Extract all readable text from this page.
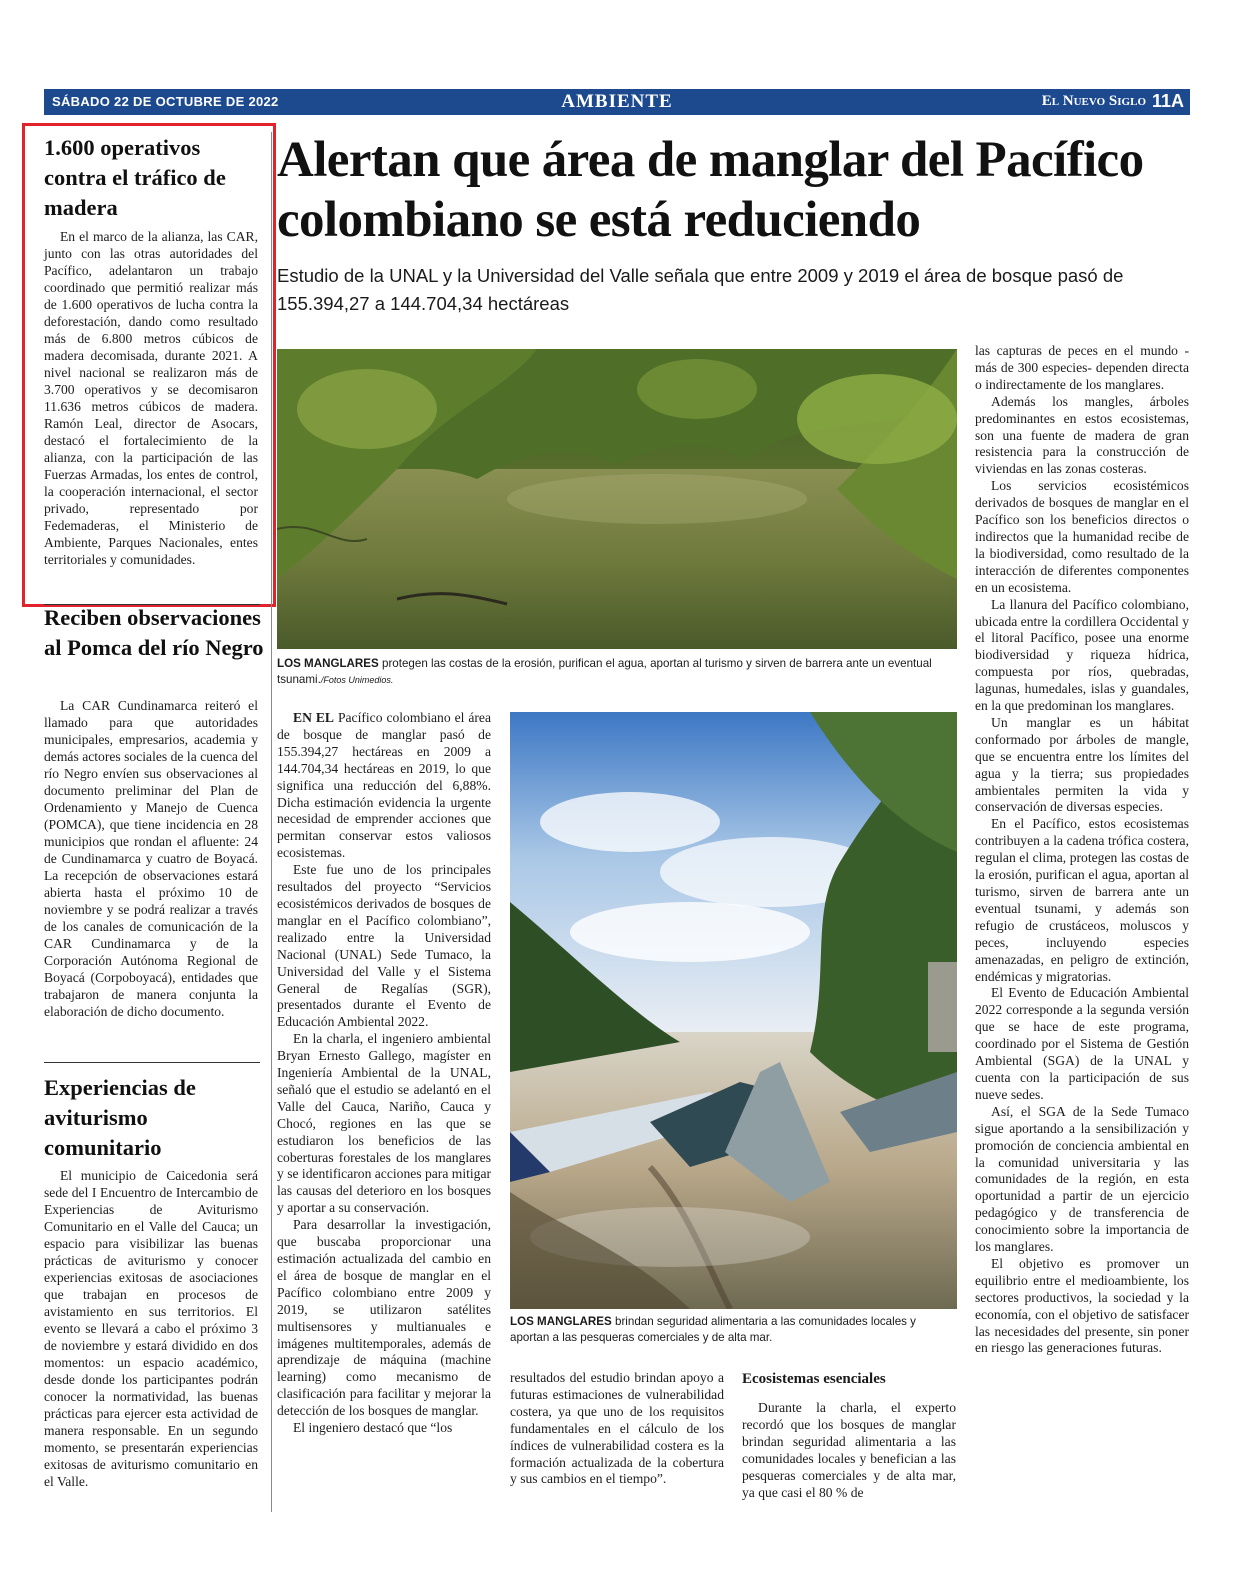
SÁBADO 22 DE OCTUBRE DE 2022	AMBIENTE	El Nuevo Siglo 11A
1.600 operativos contra el tráfico de madera
En el marco de la alianza, las CAR, junto con las otras autoridades del Pacífico, adelantaron un trabajo coordinado que permitió realizar más de 1.600 operativos de lucha contra la deforestación, dando como resultado más de 6.800 metros cúbicos de madera decomisada, durante 2021. A nivel nacional se realizaron más de 3.700 operativos y se decomisaron 11.636 metros cúbicos de madera. Ramón Leal, director de Asocars, destacó el fortalecimiento de la alianza, con la participación de las Fuerzas Armadas, los entes de control, la cooperación internacional, el sector privado, representado por Fedemaderas, el Ministerio de Ambiente, Parques Nacionales, entes territoriales y comunidades.
Reciben observaciones al Pomca del río Negro
La CAR Cundinamarca reiteró el llamado para que autoridades municipales, empresarios, academia y demás actores sociales de la cuenca del río Negro envíen sus observaciones al documento preliminar del Plan de Ordenamiento y Manejo de Cuenca (POMCA), que tiene incidencia en 28 municipios que rondan el afluente: 24 de Cundinamarca y cuatro de Boyacá. La recepción de observaciones estará abierta hasta el próximo 10 de noviembre y se podrá realizar a través de los canales de comunicación de la CAR Cundinamarca y de la Corporación Autónoma Regional de Boyacá (Corpoboyacá), entidades que trabajaron de manera conjunta la elaboración de dicho documento.
Experiencias de aviturismo comunitario
El municipio de Caicedonia será sede del I Encuentro de Intercambio de Experiencias de Aviturismo Comunitario en el Valle del Cauca; un espacio para visibilizar las buenas prácticas de aviturismo y conocer experiencias exitosas de asociaciones que trabajan en procesos de avistamiento en sus territorios. El evento se llevará a cabo el próximo 3 de noviembre y estará dividido en dos momentos: un espacio académico, desde donde los participantes podrán conocer la normatividad, las buenas prácticas para ejercer esta actividad de manera responsable. En un segundo momento, se presentarán experiencias exitosas de aviturismo comunitario en el Valle.
Alertan que área de manglar del Pacífico colombiano se está reduciendo
Estudio de la UNAL y la Universidad del Valle señala que entre 2009 y 2019 el área de bosque pasó de 155.394,27 a 144.704,34 hectáreas
LOS MANGLARES protegen las costas de la erosión, purifican el agua, aportan al turismo y sirven de barrera ante un eventual tsunami./Fotos Unimedios.
LOS MANGLARES brindan seguridad alimentaria a las comunidades locales y aportan a las pesqueras comerciales y de alta mar.

EN EL Pacífico colombiano el área de bosque de manglar pasó de 155.394,27 hectáreas en 2009 a 144.704,34 hectáreas en 2019, lo que significa una reducción del 6,88%. Dicha estimación evidencia la urgente necesidad de emprender acciones que permitan conservar estos valiosos ecosistemas.

Este fue uno de los principales resultados del proyecto “Servicios ecosistémicos derivados de bosques de manglar en el Pacífico colombiano”, realizado entre la Universidad Nacional (UNAL) Sede Tumaco, la Universidad del Valle y el Sistema General de Regalías (SGR), presentados durante el Evento de Educación Ambiental 2022.

En la charla, el ingeniero ambiental Bryan Ernesto Gallego, magíster en Ingeniería Ambiental de la UNAL, señaló que el estudio se adelantó en el Valle del Cauca, Nariño, Cauca y Chocó, regiones en las que se estudiaron los beneficios de las coberturas forestales de los manglares y se identificaron acciones para mitigar las causas del deterioro en los bosques y aportar a su conservación.

Para desarrollar la investigación, que buscaba proporcionar una estimación actualizada del cambio en el área de bosque de manglar en el Pacífico colombiano entre 2009 y 2019, se utilizaron satélites multisensores y multianuales e imágenes multitemporales, además de aprendizaje de máquina (machine learning) como mecanismo de clasificación para facilitar y mejorar la detección de los bosques de manglar.

El ingeniero destacó que “los

resultados del estudio brindan apoyo a futuras estimaciones de vulnerabilidad costera, ya que uno de los requisitos fundamentales en el cálculo de los índices de vulnerabilidad costera es la formación actualizada de la cobertura y sus cambios en el tiempo”.

Ecosistemas esenciales

Durante la charla, el experto recordó que los bosques de manglar brindan seguridad alimentaria a las comunidades locales y benefician a las pesqueras comerciales y de alta mar, ya que casi el 80 % de

las capturas de peces en el mundo -más de 300 especies- dependen directa o indirectamente de los manglares.

Además los mangles, árboles predominantes en estos ecosistemas, son una fuente de madera de gran resistencia para la construcción de viviendas en las zonas costeras.

Los servicios ecosistémicos derivados de bosques de manglar en el Pacífico son los beneficios directos o indirectos que la humanidad recibe de la biodiversidad, como resultado de la interacción de diferentes componentes en un ecosistema.

La llanura del Pacífico colombiano, ubicada entre la cordillera Occidental y el litoral Pacífico, posee una enorme biodiversidad y riqueza hídrica, compuesta por ríos, quebradas, lagunas, humedales, islas y guandales, en la que predominan los manglares.

Un manglar es un hábitat conformado por árboles de mangle, que se encuentra entre los límites del agua y la tierra; sus propiedades ambientales permiten la vida y conservación de diversas especies.

En el Pacífico, estos ecosistemas contribuyen a la cadena trófica costera, regulan el clima, protegen las costas de la erosión, purifican el agua, aportan al turismo, sirven de barrera ante un eventual tsunami, y además son refugio de crustáceos, moluscos y peces, incluyendo especies amenazadas, en peligro de extinción, endémicas y migratorias.

El Evento de Educación Ambiental 2022 corresponde a la segunda versión que se hace de este programa, coordinado por el Sistema de Gestión Ambiental (SGA) de la UNAL y cuenta con la participación de sus nueve sedes.

Así, el SGA de la Sede Tumaco sigue aportando a la sensibilización y promoción de conciencia ambiental en la comunidad universitaria y las comunidades de la región, en esta oportunidad a partir de un ejercicio pedagógico y de transferencia de conocimiento sobre la importancia de los manglares.

El objetivo es promover un equilibrio entre el medioambiente, los sectores productivos, la sociedad y la economía, con el objetivo de satisfacer las necesidades del presente, sin poner en riesgo las generaciones futuras.
